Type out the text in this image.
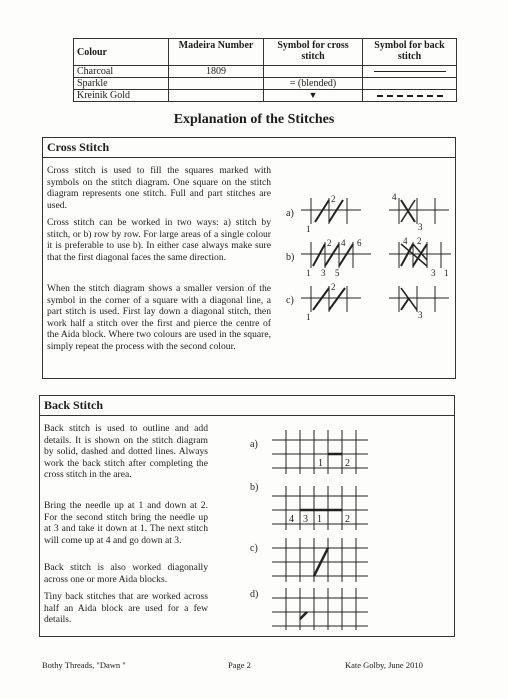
Colour	Madeira Number	Symbol for cross stitch	Symbol for back stitch
Charcoal	1809		
Sparkle		= (blended)	
Kreinik Gold		▼	
Explanation of the Stitches
Cross Stitch
Cross stitch is used to fill the squares marked with symbols on the stitch diagram. One square on the stitch diagram represents one stitch. Full and part stitches are used.
Cross stitch can be worked in two ways: a) stitch by stitch, or b) row by row. For large areas of a single colour it is preferable to use b). In either case always make sure that the first diagonal faces the same direction.
When the stitch diagram shows a smaller version of the symbol in the corner of a square with a diagonal line, a part stitch is used. First lay down a diagonal stitch, then work half a stitch over the first and pierce the centre of the Aida block. Where two colours are used in the square, simply repeat the process with the second colour.
a)
b)
c)
2
1
4
3
1 3 5
2 4 6	4 2
3 1
2
1	3
Back Stitch
Back stitch is used to outline and add details. It is shown on the stitch diagram by solid, dashed and dotted lines. Always work the back stitch after completing the cross stitch in the area.
Bring the needle up at 1 and down at 2. For the second stitch bring the needle up at 3 and take it down at 1. The next stitch will come up at 4 and go down at 3.
Back stitch is also worked diagonally across one or more Aida blocks.
Tiny back stitches that are worked across half an Aida block are used for a few details.
a)
b)
c)
d)
1 2
4 3 1 2
Bothy Threads, "Dawn "	Page 2	Kate Golby, June 2010
